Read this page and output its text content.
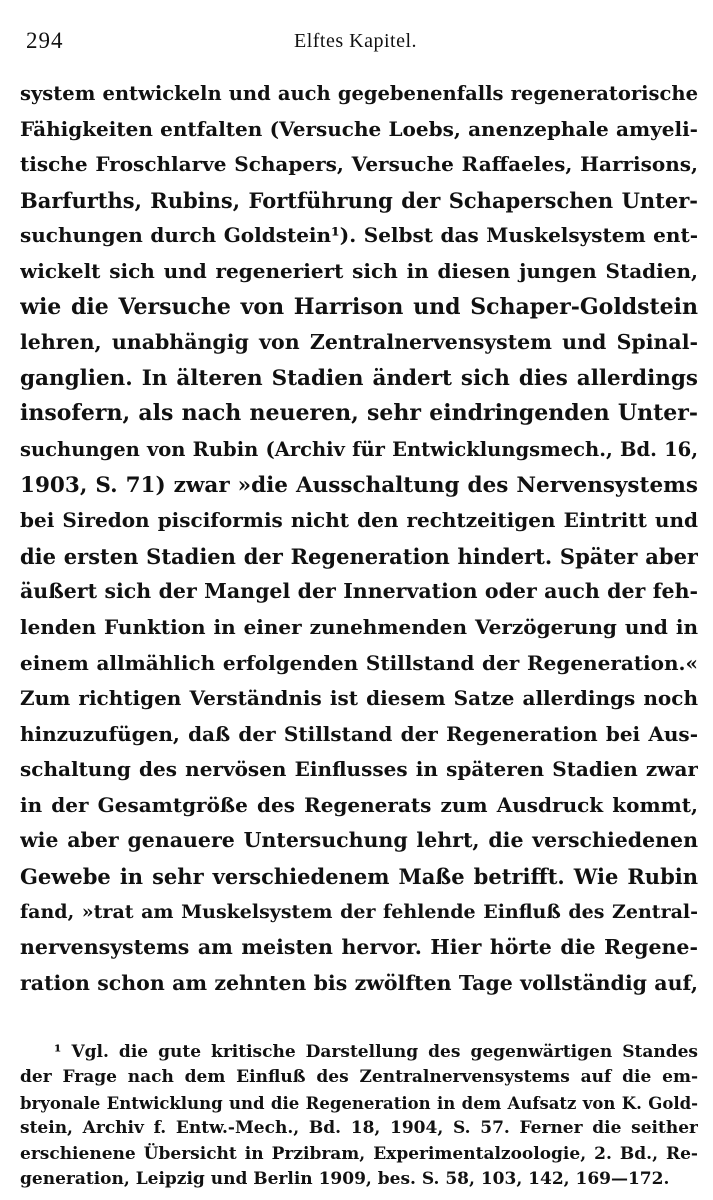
294	Elftes Kapitel.
system entwickeln und auch gegebenenfalls regeneratorische
Fähigkeiten entfalten (Versuche Loebs, anenzephale amyeli-
tische Froschlarve Schapers, Versuche Raffaeles, Harrisons,
Barfurths, Rubins, Fortführung der Schaperschen Unter-
suchungen durch Goldstein¹). Selbst das Muskelsystem ent-
wickelt sich und regeneriert sich in diesen jungen Stadien,
wie die Versuche von Harrison und Schaper-Goldstein
lehren, unabhängig von Zentralnervensystem und Spinal-
ganglien. In älteren Stadien ändert sich dies allerdings
insofern, als nach neueren, sehr eindringenden Unter-
suchungen von Rubin (Archiv für Entwicklungsmech., Bd. 16,
1903, S. 71) zwar »die Ausschaltung des Nervensystems
bei Siredon pisciformis nicht den rechtzeitigen Eintritt und
die ersten Stadien der Regeneration hindert. Später aber
äußert sich der Mangel der Innervation oder auch der feh-
lenden Funktion in einer zunehmenden Verzögerung und in
einem allmählich erfolgenden Stillstand der Regeneration.«
Zum richtigen Verständnis ist diesem Satze allerdings noch
hinzuzufügen, daß der Stillstand der Regeneration bei Aus-
schaltung des nervösen Einflusses in späteren Stadien zwar
in der Gesamtgröße des Regenerats zum Ausdruck kommt,
wie aber genauere Untersuchung lehrt, die verschiedenen
Gewebe in sehr verschiedenem Maße betrifft. Wie Rubin
fand, »trat am Muskelsystem der fehlende Einfluß des Zentral-
nervensystems am meisten hervor. Hier hörte die Regene-
ration schon am zehnten bis zwölften Tage vollständig auf,
¹ Vgl. die gute kritische Darstellung des gegenwärtigen Standes
der Frage nach dem Einfluß des Zentralnervensystems auf die em-
bryonale Entwicklung und die Regeneration in dem Aufsatz von K. Gold-
stein, Archiv f. Entw.-Mech., Bd. 18, 1904, S. 57. Ferner die seither
erschienene Übersicht in Przibram, Experimentalzoologie, 2. Bd., Re-
generation, Leipzig und Berlin 1909, bes. S. 58, 103, 142, 169—172.
